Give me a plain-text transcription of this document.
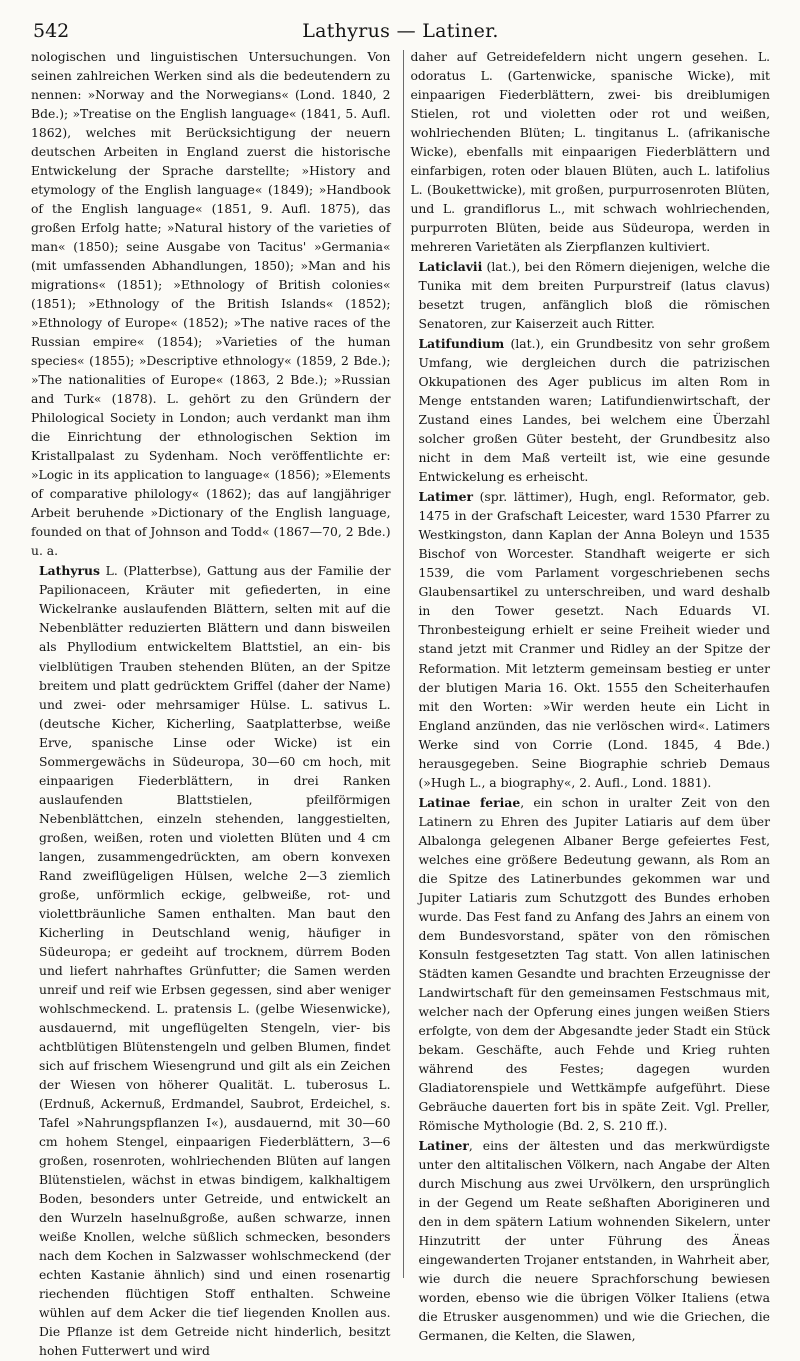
542	Lathyrus — Latiner.

nologischen und linguistischen Untersuchungen. Von seinen zahlreichen Werken sind als die bedeutendern zu nennen: »Norway and the Norwegians« (Lond. 1840, 2 Bde.); »Treatise on the English language« (1841, 5. Aufl. 1862), welches mit Berücksichtigung der neuern deutschen Arbeiten in England zuerst die historische Entwickelung der Sprache darstellte; »History and etymology of the English language« (1849); »Handbook of the English language« (1851, 9. Aufl. 1875), das großen Erfolg hatte; »Natural history of the varieties of man« (1850); seine Ausgabe von Tacitus' »Germania« (mit umfassenden Abhandlungen, 1850); »Man and his migrations« (1851); »Ethnology of British colonies« (1851); »Ethnology of the British Islands« (1852); »Ethnology of Europe« (1852); »The native races of the Russian empire« (1854); »Varieties of the human species« (1855); »Descriptive ethnology« (1859, 2 Bde.); »The nationalities of Europe« (1863, 2 Bde.); »Russian and Turk« (1878). L. gehört zu den Gründern der Philological Society in London; auch verdankt man ihm die Einrichtung der ethnologischen Sektion im Kristallpalast zu Sydenham. Noch veröffentlichte er: »Logic in its application to language« (1856); »Elements of comparative philology« (1862); das auf langjähriger Arbeit beruhende »Dictionary of the English language, founded on that of Johnson and Todd« (1867—70, 2 Bde.) u. a.

Lathyrus L. (Platterbse), Gattung aus der Familie der Papilionaceen, Kräuter mit gefiederten, in eine Wickelranke auslaufenden Blättern, selten mit auf die Nebenblätter reduzierten Blättern und dann bisweilen als Phyllodium entwickeltem Blattstiel, an ein- bis vielblütigen Trauben stehenden Blüten, an der Spitze breitem und platt gedrücktem Griffel (daher der Name) und zwei- oder mehrsamiger Hülse. L. sativus L. (deutsche Kicher, Kicherling, Saatplatterbse, weiße Erve, spanische Linse oder Wicke) ist ein Sommergewächs in Südeuropa, 30—60 cm hoch, mit einpaarigen Fiederblättern, in drei Ranken auslaufenden Blattstielen, pfeilförmigen Nebenblättchen, einzeln stehenden, langgestielten, großen, weißen, roten und violetten Blüten und 4 cm langen, zusammengedrückten, am obern konvexen Rand zweiflügeligen Hülsen, welche 2—3 ziemlich große, unförmlich eckige, gelbweiße, rot- und violettbräunliche Samen enthalten. Man baut den Kicherling in Deutschland wenig, häufiger in Südeuropa; er gedeiht auf trocknem, dürrem Boden und liefert nahrhaftes Grünfutter; die Samen werden unreif und reif wie Erbsen gegessen, sind aber weniger wohlschmeckend. L. pratensis L. (gelbe Wiesenwicke), ausdauernd, mit ungeflügelten Stengeln, vier- bis achtblütigen Blütenstengeln und gelben Blumen, findet sich auf frischem Wiesengrund und gilt als ein Zeichen der Wiesen von höherer Qualität. L. tuberosus L. (Erdnuß, Ackernuß, Erdmandel, Saubrot, Erdeichel, s. Tafel »Nahrungspflanzen I«), ausdauernd, mit 30—60 cm hohem Stengel, einpaarigen Fiederblättern, 3—6 großen, rosenroten, wohlriechenden Blüten auf langen Blütenstielen, wächst in etwas bindigem, kalkhaltigem Boden, besonders unter Getreide, und entwickelt an den Wurzeln haselnußgroße, außen schwarze, innen weiße Knollen, welche süßlich schmecken, besonders nach dem Kochen in Salzwasser wohlschmeckend (der echten Kastanie ähnlich) sind und einen rosenartig riechenden flüchtigen Stoff enthalten. Schweine wühlen auf dem Acker die tief liegenden Knollen aus. Die Pflanze ist dem Getreide nicht hinderlich, besitzt hohen Futterwert und wird

daher auf Getreidefeldern nicht ungern gesehen. L. odoratus L. (Gartenwicke, spanische Wicke), mit einpaarigen Fiederblättern, zwei- bis dreiblumigen Stielen, rot und violetten oder rot und weißen, wohlriechenden Blüten; L. tingitanus L. (afrikanische Wicke), ebenfalls mit einpaarigen Fiederblättern und einfarbigen, roten oder blauen Blüten, auch L. latifolius L. (Boukettwicke), mit großen, purpurrosenroten Blüten, und L. grandiflorus L., mit schwach wohlriechenden, purpurroten Blüten, beide aus Südeuropa, werden in mehreren Varietäten als Zierpflanzen kultiviert.

Laticlavii (lat.), bei den Römern diejenigen, welche die Tunika mit dem breiten Purpurstreif (latus clavus) besetzt trugen, anfänglich bloß die römischen Senatoren, zur Kaiserzeit auch Ritter.

Latifundium (lat.), ein Grundbesitz von sehr großem Umfang, wie dergleichen durch die patrizischen Okkupationen des Ager publicus im alten Rom in Menge entstanden waren; Latifundienwirtschaft, der Zustand eines Landes, bei welchem eine Überzahl solcher großen Güter besteht, der Grundbesitz also nicht in dem Maß verteilt ist, wie eine gesunde Entwickelung es erheischt.

Latimer (spr. lättimer), Hugh, engl. Reformator, geb. 1475 in der Grafschaft Leicester, ward 1530 Pfarrer zu Westkingston, dann Kaplan der Anna Boleyn und 1535 Bischof von Worcester. Standhaft weigerte er sich 1539, die vom Parlament vorgeschriebenen sechs Glaubensartikel zu unterschreiben, und ward deshalb in den Tower gesetzt. Nach Eduards VI. Thronbesteigung erhielt er seine Freiheit wieder und stand jetzt mit Cranmer und Ridley an der Spitze der Reformation. Mit letzterm gemeinsam bestieg er unter der blutigen Maria 16. Okt. 1555 den Scheiterhaufen mit den Worten: »Wir werden heute ein Licht in England anzünden, das nie verlöschen wird«. Latimers Werke sind von Corrie (Lond. 1845, 4 Bde.) herausgegeben. Seine Biographie schrieb Demaus (»Hugh L., a biography«, 2. Aufl., Lond. 1881).

Latinae feriae, ein schon in uralter Zeit von den Latinern zu Ehren des Jupiter Latiaris auf dem über Albalonga gelegenen Albaner Berge gefeiertes Fest, welches eine größere Bedeutung gewann, als Rom an die Spitze des Latinerbundes gekommen war und Jupiter Latiaris zum Schutzgott des Bundes erhoben wurde. Das Fest fand zu Anfang des Jahrs an einem von dem Bundesvorstand, später von den römischen Konsuln festgesetzten Tag statt. Von allen latinischen Städten kamen Gesandte und brachten Erzeugnisse der Landwirtschaft für den gemeinsamen Festschmaus mit, welcher nach der Opferung eines jungen weißen Stiers erfolgte, von dem der Abgesandte jeder Stadt ein Stück bekam. Geschäfte, auch Fehde und Krieg ruhten während des Festes; dagegen wurden Gladiatorenspiele und Wettkämpfe aufgeführt. Diese Gebräuche dauerten fort bis in späte Zeit. Vgl. Preller, Römische Mythologie (Bd. 2, S. 210 ff.).

Latiner, eins der ältesten und das merkwürdigste unter den altitalischen Völkern, nach Angabe der Alten durch Mischung aus zwei Urvölkern, den ursprünglich in der Gegend um Reate seßhaften Aborigineren und den in dem spätern Latium wohnenden Sikelern, unter Hinzutritt der unter Führung des Äneas eingewanderten Trojaner entstanden, in Wahrheit aber, wie durch die neuere Sprachforschung bewiesen worden, ebenso wie die übrigen Völker Italiens (etwa die Etrusker ausgenommen) und wie die Griechen, die Germanen, die Kelten, die Slawen,
